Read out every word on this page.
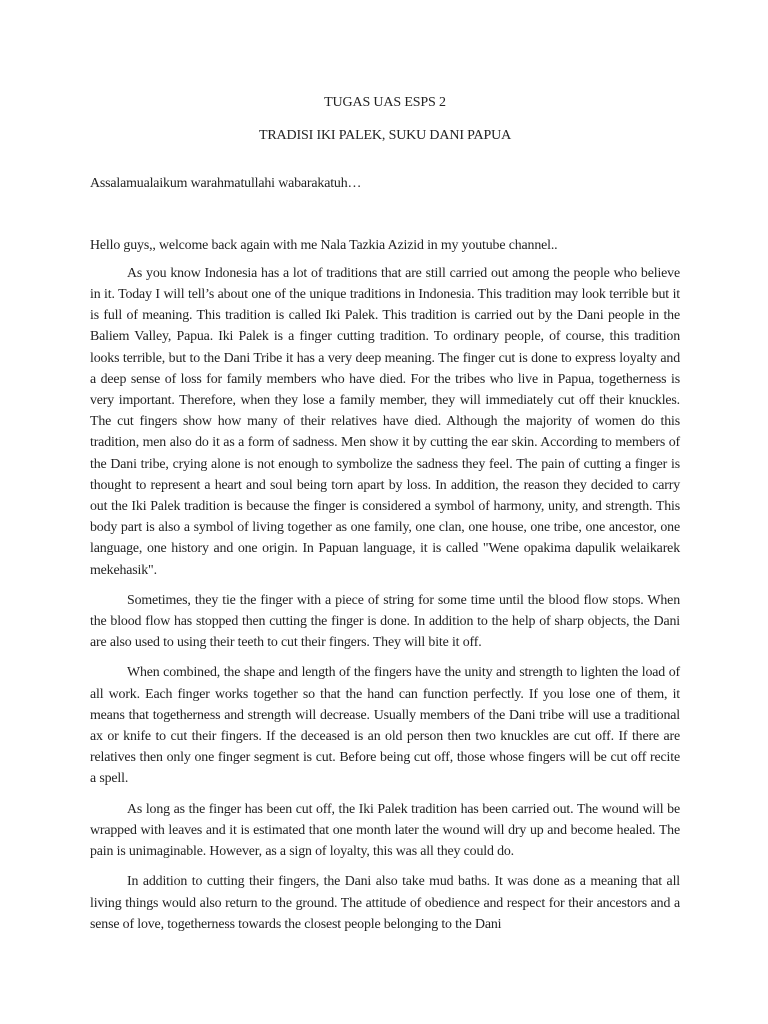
TUGAS UAS ESPS 2

TRADISI IKI PALEK, SUKU DANI PAPUA

Assalamualaikum warahmatullahi wabarakatuh…

Hello guys,, welcome back again with me Nala Tazkia Azizid in my youtube channel..

As you know Indonesia has a lot of traditions that are still carried out among the people who believe in it. Today I will tell’s about one of the unique traditions in Indonesia. This tradition may look terrible but it is full of meaning. This tradition is called Iki Palek. This tradition is carried out by the Dani people in the Baliem Valley, Papua. Iki Palek is a finger cutting tradition. To ordinary people, of course, this tradition looks terrible, but to the Dani Tribe it has a very deep meaning. The finger cut is done to express loyalty and a deep sense of loss for family members who have died. For the tribes who live in Papua, togetherness is very important. Therefore, when they lose a family member, they will immediately cut off their knuckles. The cut fingers show how many of their relatives have died. Although the majority of women do this tradition, men also do it as a form of sadness. Men show it by cutting the ear skin. According to members of the Dani tribe, crying alone is not enough to symbolize the sadness they feel. The pain of cutting a finger is thought to represent a heart and soul being torn apart by loss. In addition, the reason they decided to carry out the Iki Palek tradition is because the finger is considered a symbol of harmony, unity, and strength. This body part is also a symbol of living together as one family, one clan, one house, one tribe, one ancestor, one language, one history and one origin. In Papuan language, it is called "Wene opakima dapulik welaikarek mekehasik".

Sometimes, they tie the finger with a piece of string for some time until the blood flow stops. When the blood flow has stopped then cutting the finger is done. In addition to the help of sharp objects, the Dani are also used to using their teeth to cut their fingers. They will bite it off.

When combined, the shape and length of the fingers have the unity and strength to lighten the load of all work. Each finger works together so that the hand can function perfectly. If you lose one of them, it means that togetherness and strength will decrease. Usually members of the Dani tribe will use a traditional ax or knife to cut their fingers. If the deceased is an old person then two knuckles are cut off. If there are relatives then only one finger segment is cut. Before being cut off, those whose fingers will be cut off recite a spell.

As long as the finger has been cut off, the Iki Palek tradition has been carried out. The wound will be wrapped with leaves and it is estimated that one month later the wound will dry up and become healed. The pain is unimaginable. However, as a sign of loyalty, this was all they could do.

In addition to cutting their fingers, the Dani also take mud baths. It was done as a meaning that all living things would also return to the ground. The attitude of obedience and respect for their ancestors and a sense of love, togetherness towards the closest people belonging to the Dani
